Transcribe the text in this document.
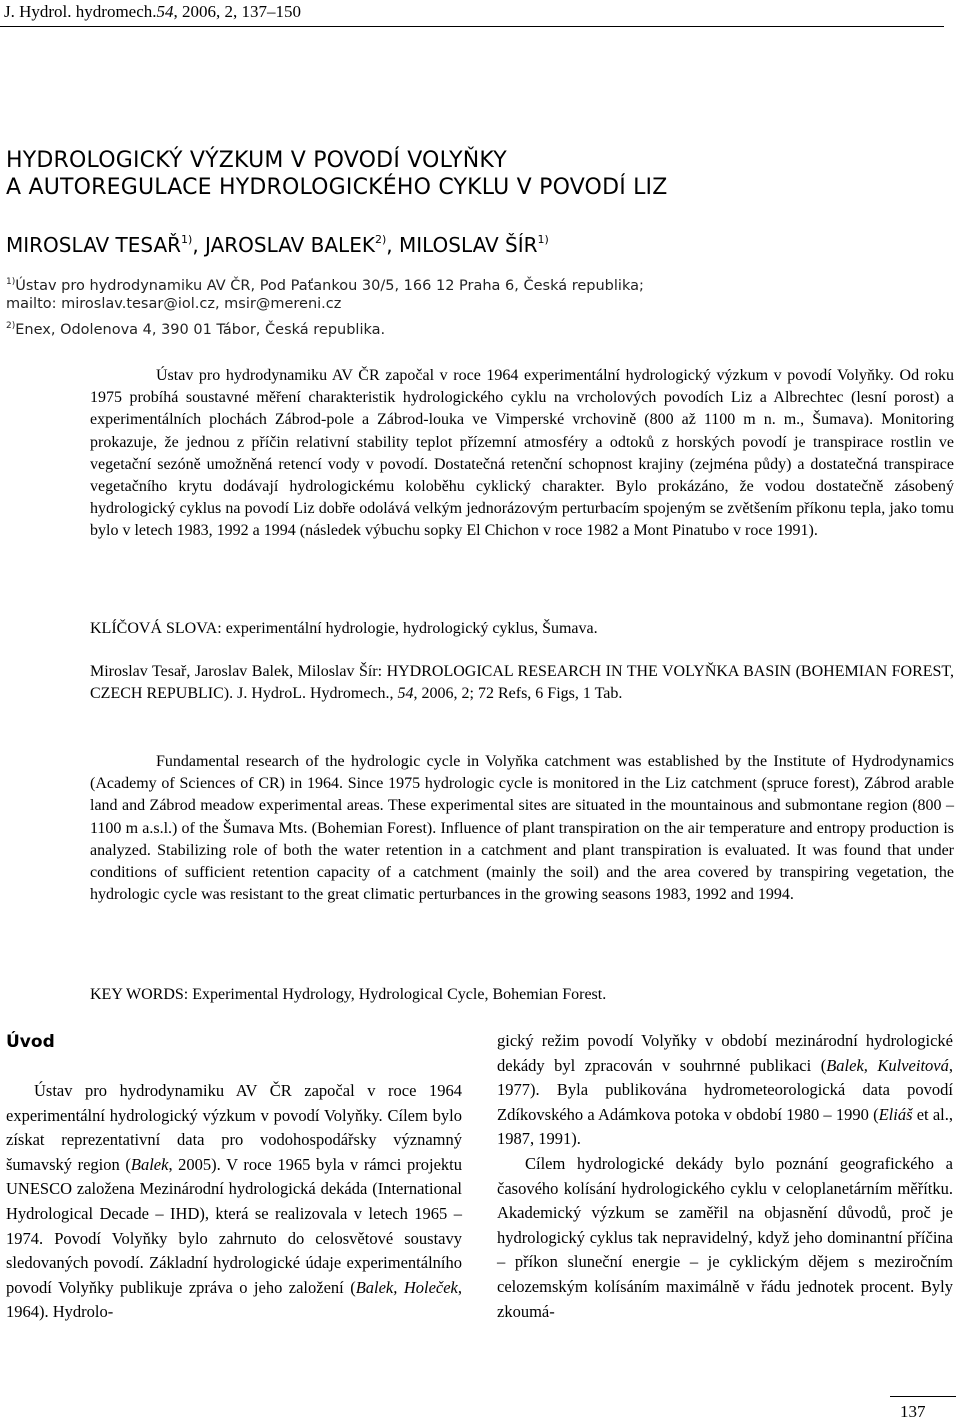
J. Hydrol. hydromech.54, 2006, 2, 137–150
HYDROLOGICKÝ VÝZKUM V POVODÍ VOLYŇKY
A AUTOREGULACE HYDROLOGICKÉHO CYKLU V POVODÍ LIZ
MIROSLAV TESAŘ$^{1)}$, JAROSLAV BALEK$^{2)}$, MILOSLAV ŠÍR$^{1)}$
$^{1)}$Ústav pro hydrodynamiku AV ČR, Pod Paťankou 30/5, 166 12 Praha 6, Česká republika;
mailto: miroslav.tesar@iol.cz, msir@mereni.cz
$^{2)}$Enex, Odolenova 4, 390 01 Tábor, Česká republika.
Ústav pro hydrodynamiku AV ČR započal v roce 1964 experimentální hydrologický výzkum v povodí Volyňky. Od roku 1975 probíhá soustavné měření charakteristik hydrologického cyklu na vrcholových povodích Liz a Albrechtec (lesní porost) a experimentálních plochách Zábrod-pole a Zábrod-louka ve Vimperské vrchovině (800 až 1100 m n. m., Šumava). Monitoring prokazuje, že jednou z příčin relativní stability teplot přízemní atmosféry a odtoků z horských povodí je transpirace rostlin ve vegetační sezóně umožněná retencí vody v povodí. Dostatečná retenční schopnost krajiny (zejména půdy) a dostatečná transpirace vegetačního krytu dodávají hydrologickému koloběhu cyklický charakter. Bylo prokázáno, že vodou dostatečně zásobený hydrologický cyklus na povodí Liz dobře odolává velkým jednorázovým perturbacím spojeným se zvětšením příkonu tepla, jako tomu bylo v letech 1983, 1992 a 1994 (následek výbuchu sopky El Chichon v roce 1982 a Mont Pinatubo v roce 1991).
KLÍČOVÁ SLOVA: experimentální hydrologie, hydrologický cyklus, Šumava.
Miroslav Tesař, Jaroslav Balek, Miloslav Šír: HYDROLOGICAL RESEARCH IN THE VOLYŇKA BASIN (BOHEMIAN FOREST, CZECH REPUBLIC). J. HydroL. Hydromech., 54, 2006, 2; 72 Refs, 6 Figs, 1 Tab.
Fundamental research of the hydrologic cycle in Volyňka catchment was established by the Institute of Hydrodynamics (Academy of Sciences of CR) in 1964. Since 1975 hydrologic cycle is monitored in the Liz catchment (spruce forest), Zábrod arable land and Zábrod meadow experimental areas. These experimental sites are situated in the mountainous and submontane region (800 – 1100 m a.s.l.) of the Šumava Mts. (Bohemian Forest). Influence of plant transpiration on the air temperature and entropy production is analyzed. Stabilizing role of both the water retention in a catchment and plant transpiration is evaluated. It was found that under conditions of sufficient retention capacity of a catchment (mainly the soil) and the area covered by transpiring vegetation, the hydrologic cycle was resistant to the great climatic perturbances in the growing seasons 1983, 1992 and 1994.
KEY WORDS: Experimental Hydrology, Hydrological Cycle, Bohemian Forest.
Úvod

Ústav pro hydrodynamiku AV ČR započal v roce 1964 experimentální hydrologický výzkum v povodí Volyňky. Cílem bylo získat reprezentativní data pro vodohospodářsky významný šumavský region (Balek, 2005). V roce 1965 byla v rámci projektu UNESCO založena Mezinárodní hydrologická dekáda (International Hydrological Decade – IHD), která se realizovala v letech 1965 – 1974. Povodí Volyňky bylo zahrnuto do celosvětové soustavy sledovaných povodí. Základní hydrologické údaje experimentálního povodí Volyňky publikuje zpráva o jeho založení (Balek, Holeček, 1964). Hydrolo-

gický režim povodí Volyňky v období mezinárodní hydrologické dekády byl zpracován v souhrnné publikaci (Balek, Kulveitová, 1977). Byla publikována hydrometeorologická data povodí Zdíkovského a Adámkova potoka v období 1980 – 1990 (Eliáš et al., 1987, 1991).

Cílem hydrologické dekády bylo poznání geografického a časového kolísání hydrologického cyklu v celoplanetárním měřítku. Akademický výzkum se zaměřil na objasnění důvodů, proč je hydrologický cyklus tak nepravidelný, když jeho dominantní příčina – příkon sluneční energie – je cyklickým dějem s meziročním celozemským kolísáním maximálně v řádu jednotek procent. Byly zkoumá-

137
